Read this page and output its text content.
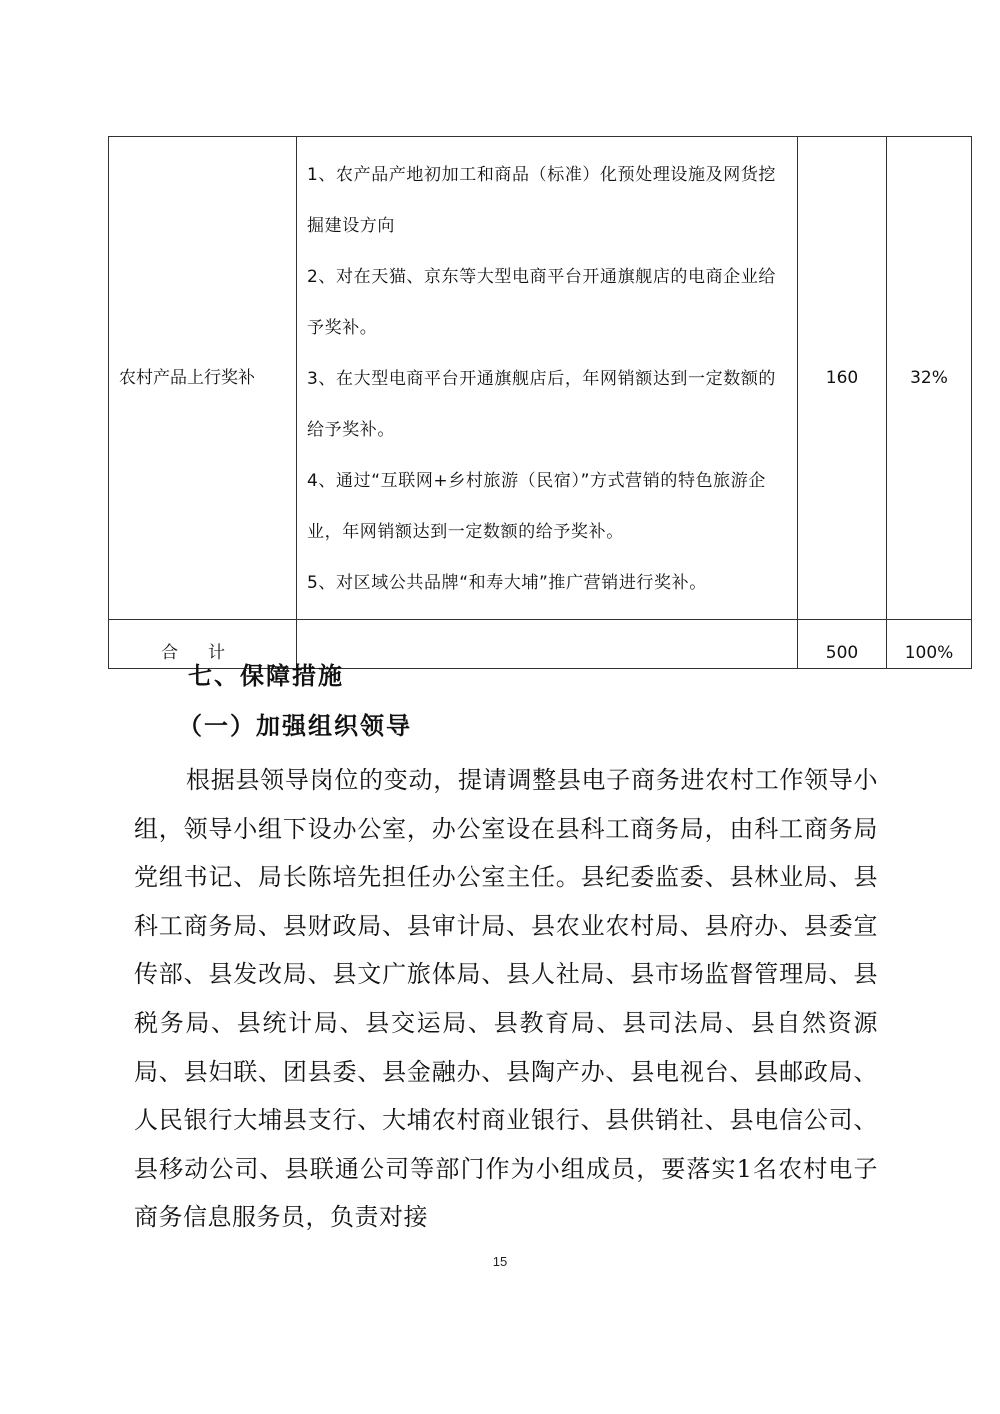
农村产品上行奖补	1、农产品产地初加工和商品（标准）化预处理设施及网货挖掘建设方向
2、对在天猫、京东等大型电商平台开通旗舰店的电商企业给予奖补。
3、在大型电商平台开通旗舰店后，年网销额达到一定数额的给予奖补。
4、通过“互联网+乡村旅游（民宿）”方式营销的特色旅游企业，年网销额达到一定数额的给予奖补。
5、对区域公共品牌“和寿大埔”推广营销进行奖补。	160	32%
合计		500	100%
七、保障措施
（一）加强组织领导
根据县领导岗位的变动，提请调整县电子商务进农村工作领导小组，领导小组下设办公室，办公室设在县科工商务局，由科工商务局党组书记、局长陈培先担任办公室主任。县纪委监委、县林业局、县科工商务局、县财政局、县审计局、县农业农村局、县府办、县委宣传部、县发改局、县文广旅体局、县人社局、县市场监督管理局、县税务局、县统计局、县交运局、县教育局、县司法局、县自然资源局、县妇联、团县委、县金融办、县陶产办、县电视台、县邮政局、人民银行大埔县支行、大埔农村商业银行、县供销社、县电信公司、县移动公司、县联通公司等部门作为小组成员，要落实1名农村电子商务信息服务员，负责对接
15
